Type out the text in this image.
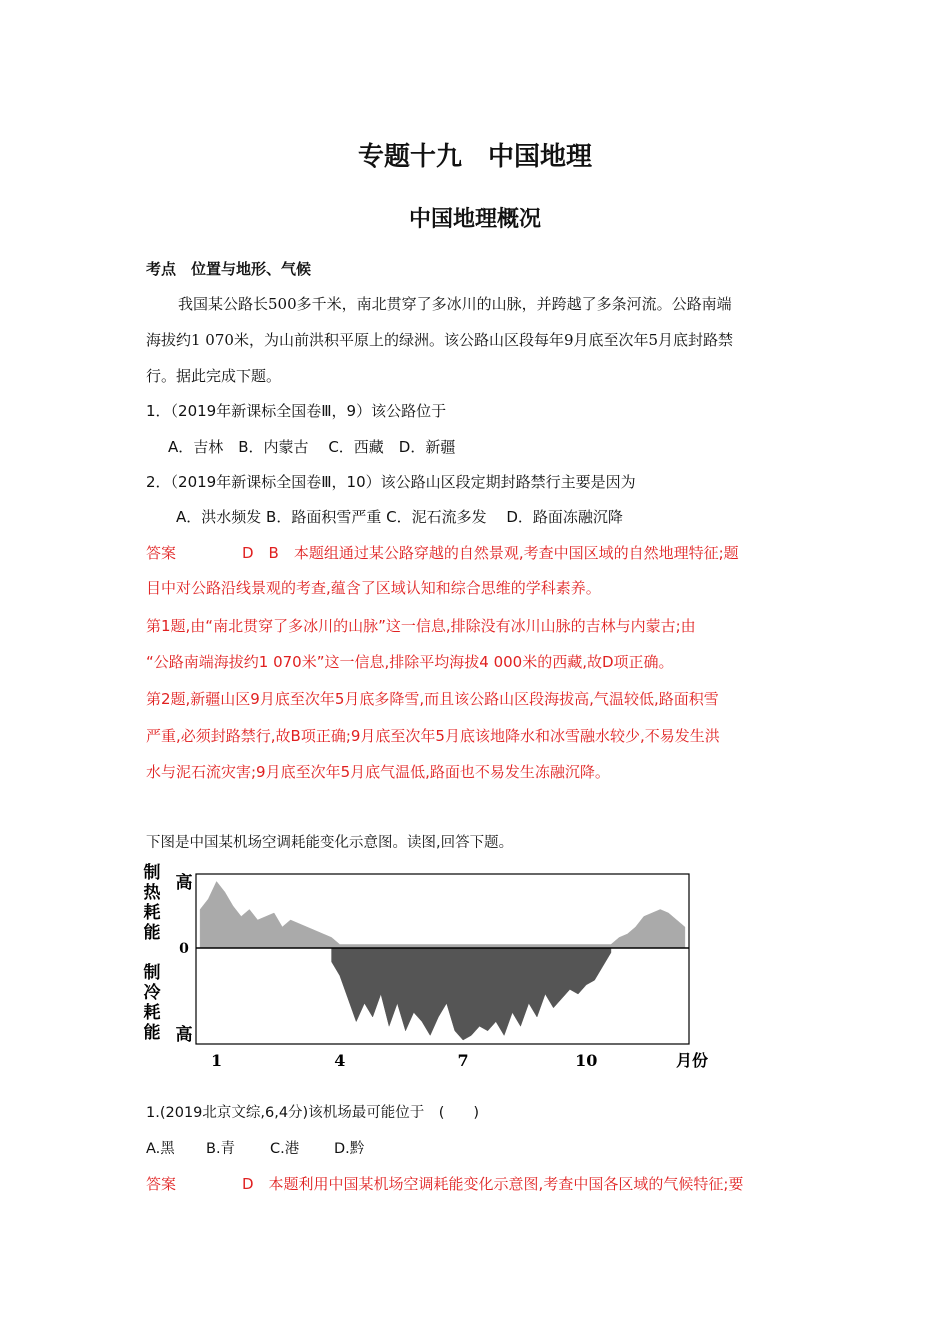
专题十九　中国地理
中国地理概况

考点　位置与地形、气候

我国某公路长500多千米，南北贯穿了多冰川的山脉，并跨越了多条河流。公路南端

海拔约1 070米，为山前洪积平原上的绿洲。该公路山区段每年9月底至次年5月底封路禁

行。据此完成下题。

1．（2019年新课标全国卷Ⅲ，9）该公路位于

A．吉林　B．内蒙古　 C．西藏　D．新疆

2．（2019年新课标全国卷Ⅲ，10）该公路山区段定期封路禁行主要是因为

A．洪水频发 B．路面积雪严重 C．泥石流多发　 D．路面冻融沉降

答案	D　B　本题组通过某公路穿越的自然景观,考查中国区域的自然地理特征;题

目中对公路沿线景观的考查,蕴含了区域认知和综合思维的学科素养。

第1题,由“南北贯穿了多冰川的山脉”这一信息,排除没有冰川山脉的吉林与内蒙古;由

“公路南端海拔约1 070米”这一信息,排除平均海拔4 000米的西藏,故D项正确。

第2题,新疆山区9月底至次年5月底多降雪,而且该公路山区段海拔高,气温较低,路面积雪

严重,必须封路禁行,故B项正确;9月底至次年5月底该地降水和冰雪融水较少,不易发生洪

水与泥石流灾害;9月底至次年5月底气温低,路面也不易发生冻融沉降。

下图是中国某机场空调耗能变化示意图。读图,回答下题。

高
0
高
制
热
耗
能
制
冷
耗
能
1	4	7	10	月份

1.(2019北京文综,6,4分)该机场最可能位于　(　　)

A.黑 B.青 C.港 D.黔

答案	D　本题利用中国某机场空调耗能变化示意图,考查中国各区域的气候特征;要
